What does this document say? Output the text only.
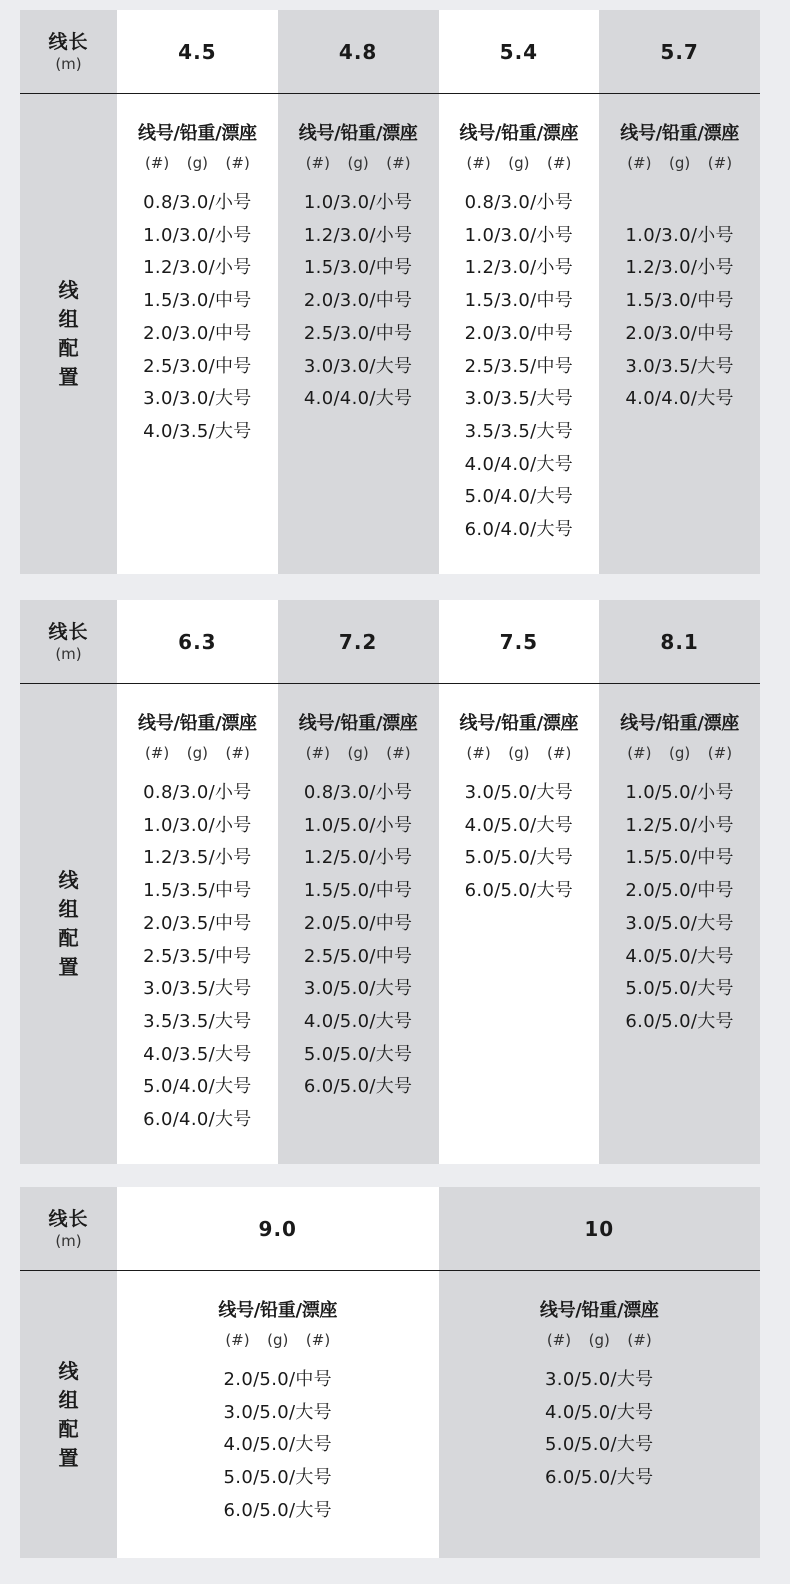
线长
(m)	4.5	4.8	5.4	5.7
线
组
配
置
线号/铅重/漂座
(#)  (g)  (#)
0.8/3.0/小号
1.0/3.0/小号
1.2/3.0/小号
1.5/3.0/中号
2.0/3.0/中号
2.5/3.0/中号
3.0/3.0/大号
4.0/3.5/大号
线号/铅重/漂座
(#)  (g)  (#)
1.0/3.0/小号
1.2/3.0/小号
1.5/3.0/中号
2.0/3.0/中号
2.5/3.0/中号
3.0/3.0/大号
4.0/4.0/大号
线号/铅重/漂座
(#)  (g)  (#)
0.8/3.0/小号
1.0/3.0/小号
1.2/3.0/小号
1.5/3.0/中号
2.0/3.0/中号
2.5/3.5/中号
3.0/3.5/大号
3.5/3.5/大号
4.0/4.0/大号
5.0/4.0/大号
6.0/4.0/大号
线号/铅重/漂座
(#)  (g)  (#)

1.0/3.0/小号
1.2/3.0/小号
1.5/3.0/中号
2.0/3.0/中号
3.0/3.5/大号
4.0/4.0/大号
线长
(m)	6.3	7.2	7.5	8.1
线
组
配
置
线号/铅重/漂座
(#)  (g)  (#)
0.8/3.0/小号
1.0/3.0/小号
1.2/3.5/小号
1.5/3.5/中号
2.0/3.5/中号
2.5/3.5/中号
3.0/3.5/大号
3.5/3.5/大号
4.0/3.5/大号
5.0/4.0/大号
6.0/4.0/大号
线号/铅重/漂座
(#)  (g)  (#)
0.8/3.0/小号
1.0/5.0/小号
1.2/5.0/小号
1.5/5.0/中号
2.0/5.0/中号
2.5/5.0/中号
3.0/5.0/大号
4.0/5.0/大号
5.0/5.0/大号
6.0/5.0/大号
线号/铅重/漂座
(#)  (g)  (#)
3.0/5.0/大号
4.0/5.0/大号
5.0/5.0/大号
6.0/5.0/大号
线号/铅重/漂座
(#)  (g)  (#)
1.0/5.0/小号
1.2/5.0/小号
1.5/5.0/中号
2.0/5.0/中号
3.0/5.0/大号
4.0/5.0/大号
5.0/5.0/大号
6.0/5.0/大号
线长
(m)	9.0	10
线
组
配
置
线号/铅重/漂座
(#)  (g)  (#)
2.0/5.0/中号
3.0/5.0/大号
4.0/5.0/大号
5.0/5.0/大号
6.0/5.0/大号
线号/铅重/漂座
(#)  (g)  (#)
3.0/5.0/大号
4.0/5.0/大号
5.0/5.0/大号
6.0/5.0/大号
